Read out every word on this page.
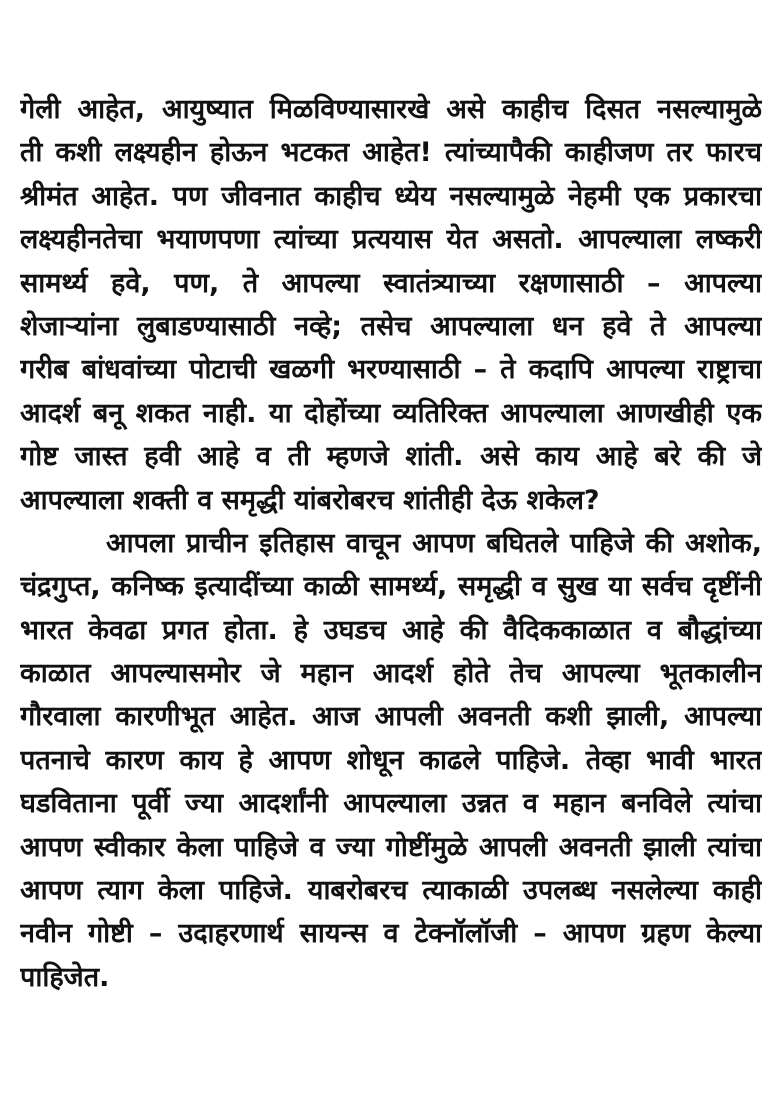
गेली आहेत, आयुष्यात मिळविण्यासारखे असे काहीच दिसत नसल्यामुळे
ती कशी लक्ष्यहीन होऊन भटकत आहेत! त्यांच्यापैकी काहीजण तर फारच
श्रीमंत आहेत. पण जीवनात काहीच ध्येय नसल्यामुळे नेहमी एक प्रकारचा
लक्ष्यहीनतेचा भयाणपणा त्यांच्या प्रत्ययास येत असतो. आपल्याला लष्करी
सामर्थ्य हवे, पण, ते आपल्या स्वातंत्र्याच्या रक्षणासाठी – आपल्या
शेजाऱ्यांना लुबाडण्यासाठी नव्हे; तसेच आपल्याला धन हवे ते आपल्या
गरीब बांधवांच्या पोटाची खळगी भरण्यासाठी – ते कदापि आपल्या राष्ट्राचा
आदर्श बनू शकत नाही. या दोहोंच्या व्यतिरिक्त आपल्याला आणखीही एक
गोष्ट जास्त हवी आहे व ती म्हणजे शांती. असे काय आहे बरे की जे
आपल्याला शक्ती व समृद्धी यांबरोबरच शांतीही देऊ शकेल?
आपला प्राचीन इतिहास वाचून आपण बघितले पाहिजे की अशोक,
चंद्रगुप्त, कनिष्क इत्यादींच्या काळी सामर्थ्य, समृद्धी व सुख या सर्वच दृष्टींनी
भारत केवढा प्रगत होता. हे उघडच आहे की वैदिककाळात व बौद्धांच्या
काळात आपल्यासमोर जे महान आदर्श होते तेच आपल्या भूतकालीन
गौरवाला कारणीभूत आहेत. आज आपली अवनती कशी झाली, आपल्या
पतनाचे कारण काय हे आपण शोधून काढले पाहिजे. तेव्हा भावी भारत
घडविताना पूर्वी ज्या आदर्शांनी आपल्याला उन्नत व महान बनविले त्यांचा
आपण स्वीकार केला पाहिजे व ज्या गोष्टींमुळे आपली अवनती झाली त्यांचा
आपण त्याग केला पाहिजे. याबरोबरच त्याकाळी उपलब्ध नसलेल्या काही
नवीन गोष्टी – उदाहरणार्थ सायन्स व टेक्नॉलॉजी – आपण ग्रहण केल्या
पाहिजेत.
